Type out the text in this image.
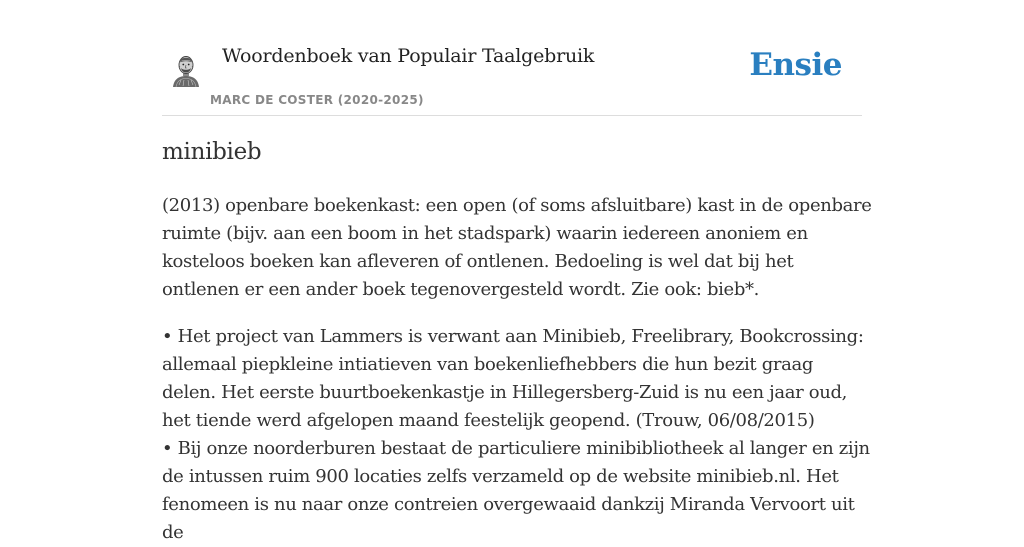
Woordenboek van Populair Taalgebruik
MARC DE COSTER (2020-2025)
Ensie
minibieb

(2013) openbare boekenkast: een open (of soms afsluitbare) kast in de openbare ruimte (bijv. aan een boom in het stadspark) waarin iedereen anoniem en kosteloos boeken kan afleveren of ontlenen. Bedoeling is wel dat bij het ontlenen er een ander boek tegenovergesteld wordt. Zie ook: bieb*.

• Het project van Lammers is verwant aan Minibieb, Freelibrary, Bookcrossing: allemaal piepkleine intiatieven van boekenliefhebbers die hun bezit graag delen. Het eerste buurtboekenkastje in Hillegersberg-Zuid is nu een jaar oud, het tiende werd afgelopen maand feestelijk geopend. (Trouw, 06/08/2015)

• Bij onze noorderburen bestaat de particuliere minibibliotheek al langer en zijn de intussen ruim 900 locaties zelfs verzameld op de website minibieb.nl. Het fenomeen is nu naar onze contreien overgewaaid dankzij Miranda Vervoort uit de
